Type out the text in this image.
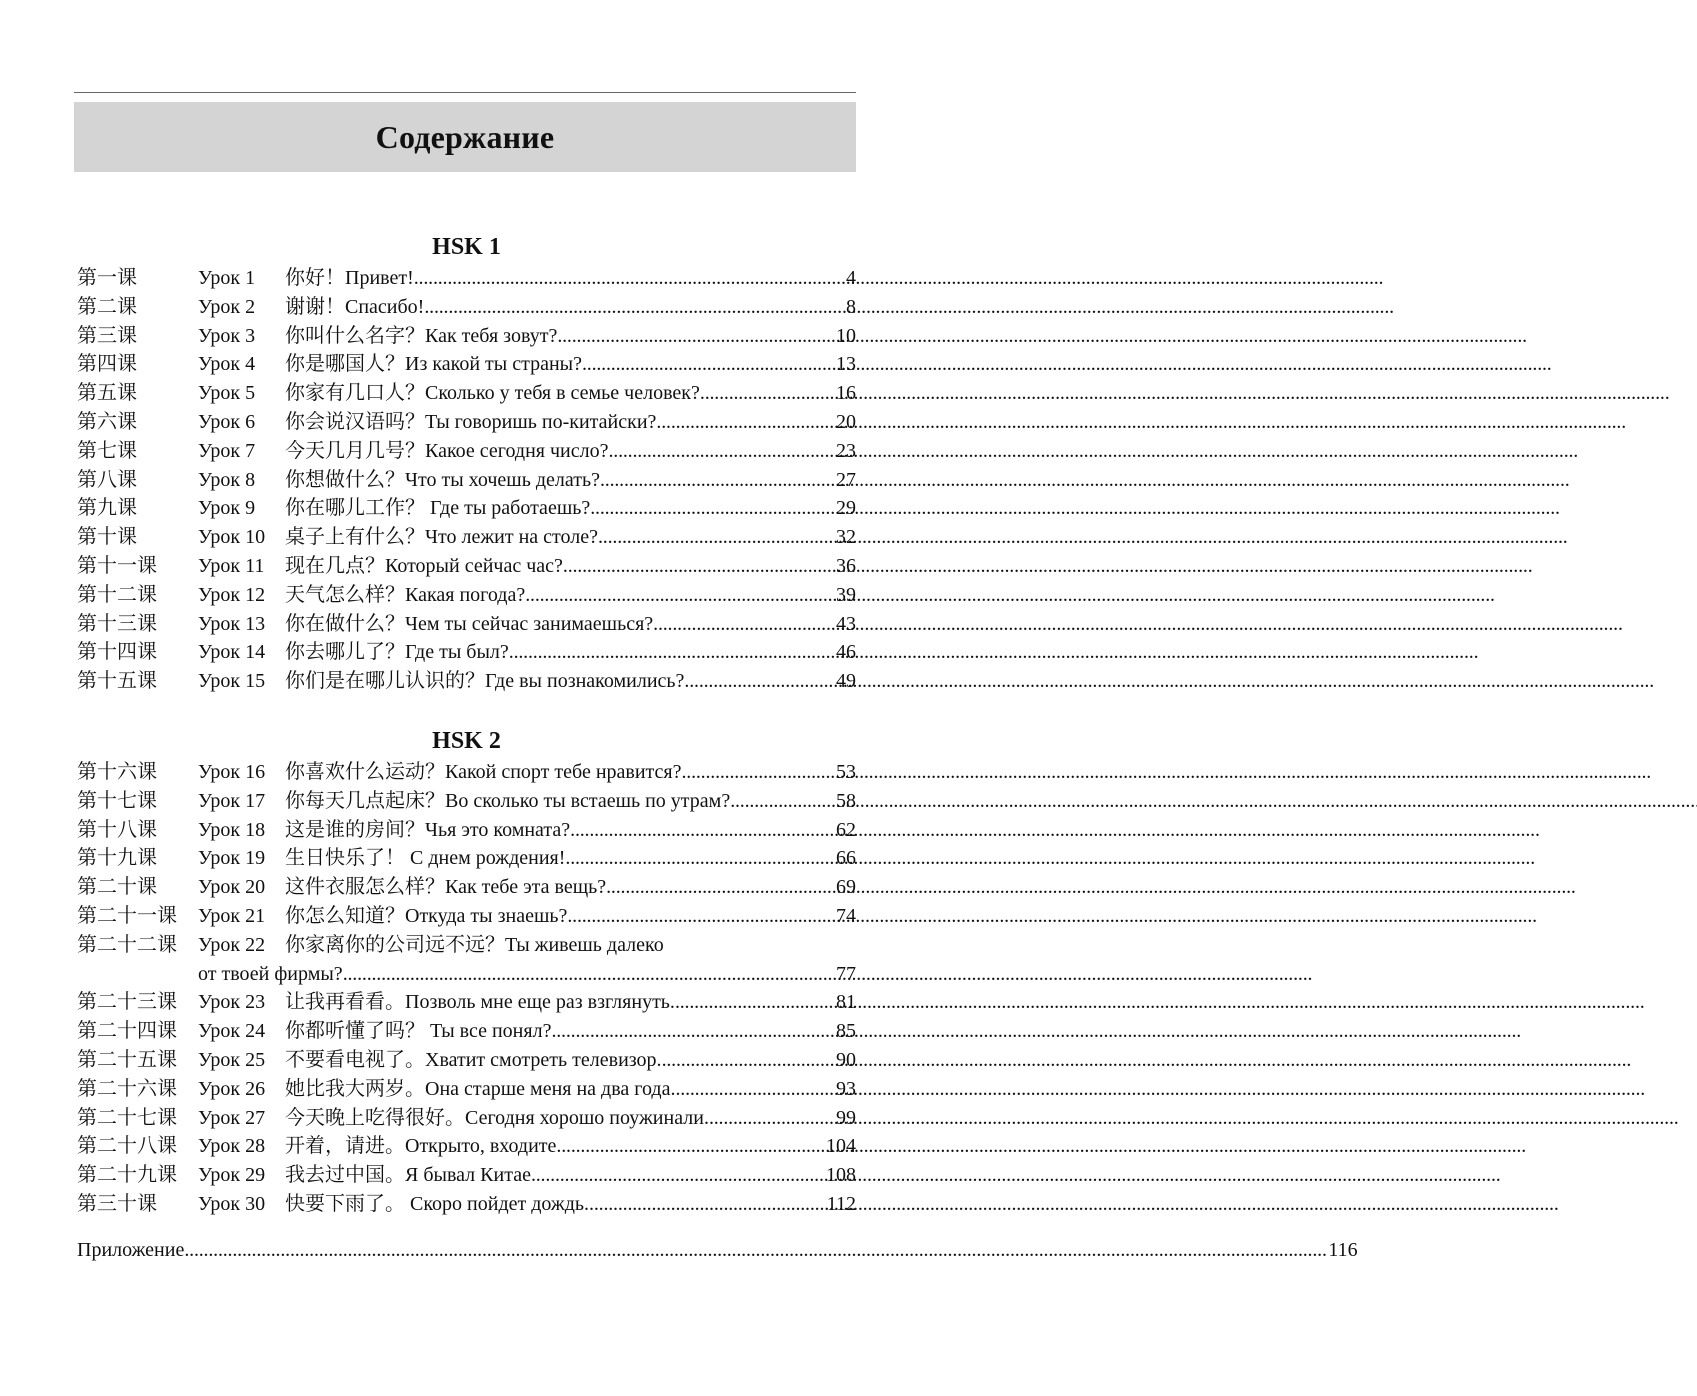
Содержание
HSK 1
第一课	Урок 1	你好！Привет! . . .	4
第二课	Урок 2	谢谢！Спасибо! . . .	8
第三课	Урок 3	你叫什么名字？Как тебя зовут? . . .	10
第四课	Урок 4	你是哪国人？Из какой ты страны? . . .	13
第五课	Урок 5	你家有几口人？Сколько у тебя в семье человек? . . .	16
第六课	Урок 6	你会说汉语吗？Ты говоришь по-китайски? . . .	20
第七课	Урок 7	今天几月几号？Какое сегодня число? . . .	23
第八课	Урок 8	你想做什么？Что ты хочешь делать? . . .	27
第九课	Урок 9	你在哪儿工作？ Где ты работаешь? . . .	29
第十课	Урок 10 桌子上有什么？Что лежит на столе? . . .	32
第十一课 Урок 11	现在几点？Который сейчас час? . . .	36
第十二课 Урок 12 天气怎么样？Какая погода? . . .	39
第十三课 Урок 13 你在做什么？Чем ты сейчас занимаешься? . . .	43
第十四课 Урок 14 你去哪儿了？Где ты был? . . .	46
第十五课 Урок 15 你们是在哪儿认识的？Где вы познакомились? . . .	49
HSK 2
第十六课 Урок 16 你喜欢什么运动？Какой спорт тебе нравится? . . .	53
第十七课 Урок 17 你每天几点起床？Во сколько ты встаешь по утрам? . . .	58
第十八课 Урок 18 这是谁的房间？Чья это комната? . . .	62
第十九课 Урок 19 生日快乐了！ С днем рождения! . . .	66
第二十课 Урок 20 这件衣服怎么样？Как тебе эта вещь? . . .	69
第二十一课 Урок 21 你怎么知道？Откуда ты знаешь? . . .	74
第二十二课 Урок 22 你家离你的公司远不远？Ты живешь далеко
от твоей фирмы? . . .	77
第二十三课 Урок 23 让我再看看。Позволь мне еще раз взглянуть. . . .	81
第二十四课 Урок 24 你都听懂了吗？ Ты все понял? . . .	85
第二十五课 Урок 25 不要看电视了。Хватит смотреть телевизор. . . .	90
第二十六课 Урок 26 她比我大两岁。Она старше меня на два года. . . .	93
第二十七课 Урок 27 今天晚上吃得很好。Сегодня хорошо поужинали. . . .	99
第二十八课 Урок 28 开着，请进。Открыто, входите . . .	104
第二十九课 Урок 29 我去过中国。Я бывал Китае . . .	108
第三十课 Урок 30 快要下雨了。 Скоро пойдет дождь. . . .	112
Приложение . . .	116
